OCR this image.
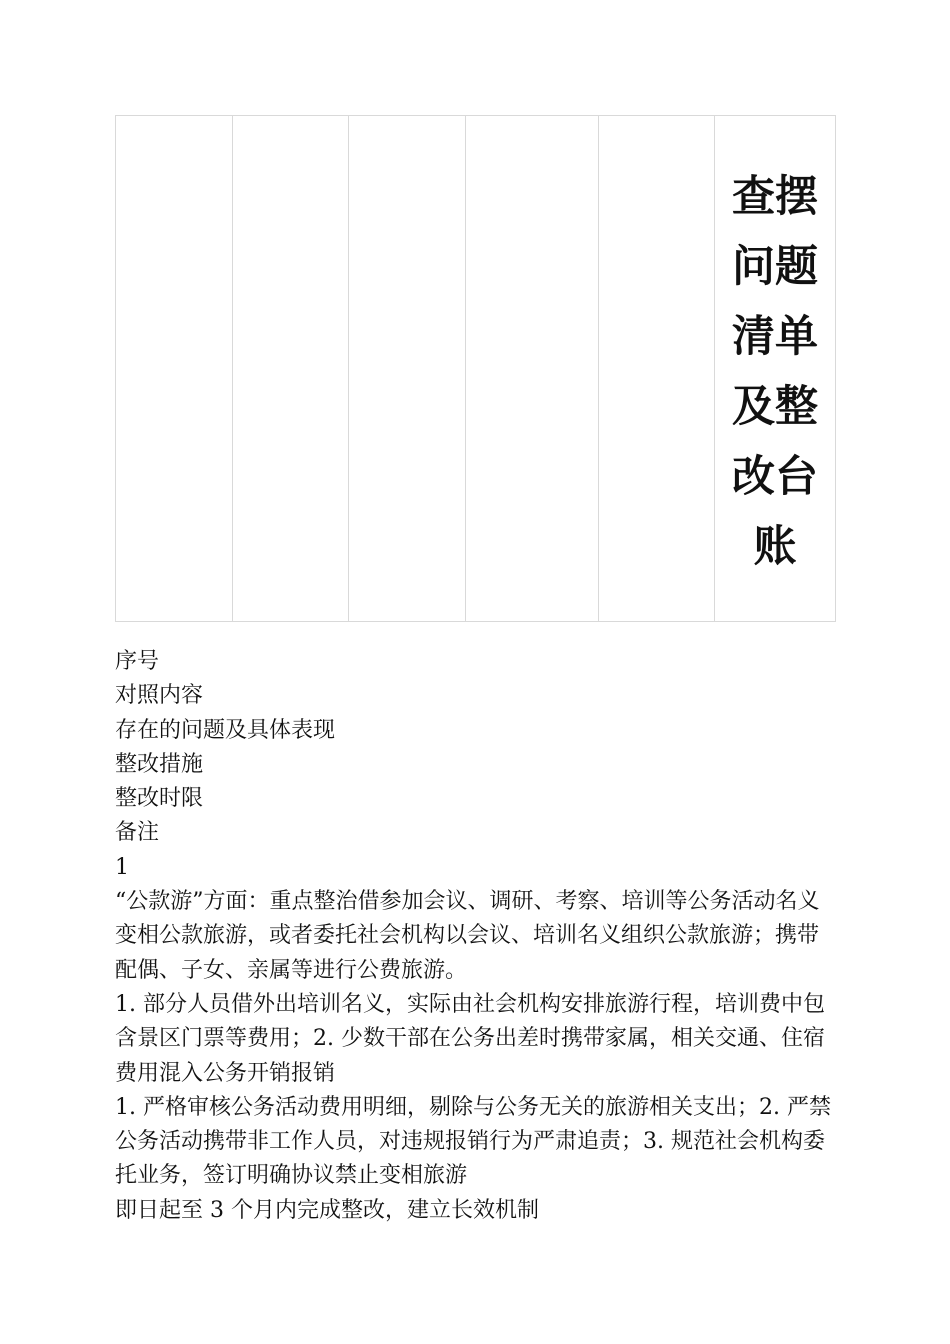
查摆
问题
清单
及整
改台
账

序号

对照内容

存在的问题及具体表现

整改措施

整改时限

备注

1

“公款游”方面：重点整治借参加会议、调研、考察、培训等公务活动名义变相公款旅游，或者委托社会机构以会议、培训名义组织公款旅游；携带配偶、子女、亲属等进行公费旅游。

1. 部分人员借外出培训名义，实际由社会机构安排旅游行程，培训费中包含景区门票等费用；2. 少数干部在公务出差时携带家属，相关交通、住宿费用混入公务开销报销

1. 严格审核公务活动费用明细，剔除与公务无关的旅游相关支出；2. 严禁公务活动携带非工作人员，对违规报销行为严肃追责；3. 规范社会机构委托业务，签订明确协议禁止变相旅游

即日起至 3 个月内完成整改，建立长效机制
